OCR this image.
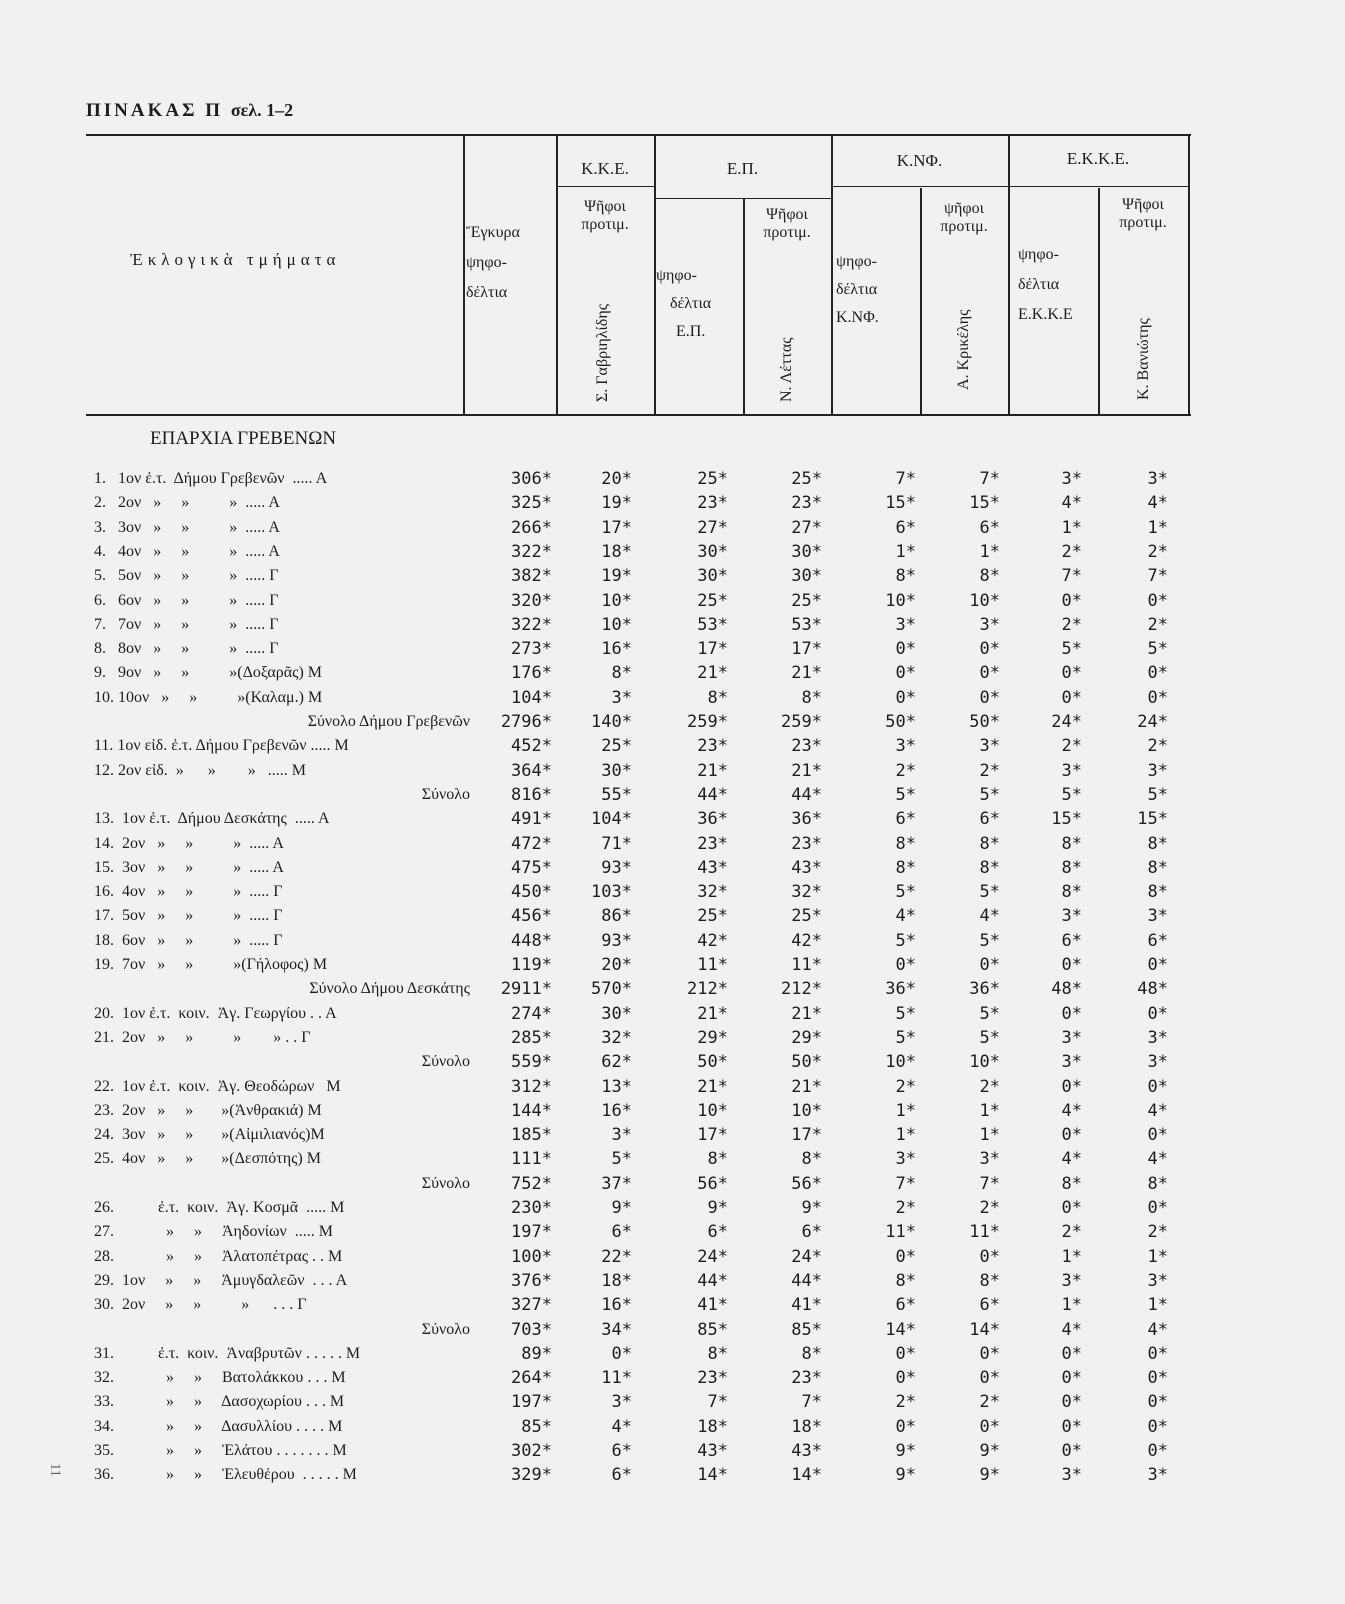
ΠΙΝΑΚΑΣ Π σελ. 1–2
Ἐκλογικὰ τμήματα
Ἔγκυρα
ψηφο-
δέλτια
Κ.Κ.Ε.
Ψῆφοι
προτιμ.
Σ. Γαβριηλίδης
Ε.Π.
ψηφο-
δέλτια
Ε.Π.
Ψῆφοι
προτιμ.
Ν. Λέττας
Κ.ΝΦ.
ψηφο-
δέλτια
Κ.ΝΦ.
ψῆφοι
προτιμ.
Α. Κρικέλης
Ε.Κ.Κ.Ε.
ψηφο-
δέλτια
Ε.Κ.Κ.Ε
Ψῆφοι
προτιμ.
Κ. Βανιώτης
ΕΠΑΡΧΙΑ ΓΡΕΒΕΝΩΝ
1.   1ον ἐ.τ.  Δήμου Γρεβενῶν  ..... Α	306*	20*	25*	25*	7*	7*	3*	3*
2.   2ον   »     »          »  ..... Α	325*	19*	23*	23*	15*	15*	4*	4*
3.   3ον   »     »          »  ..... Α	266*	17*	27*	27*	6*	6*	1*	1*
4.   4ον   »     »          »  ..... Α	322*	18*	30*	30*	1*	1*	2*	2*
5.   5ον   »     »          »  ..... Γ	382*	19*	30*	30*	8*	8*	7*	7*
6.   6ον   »     »          »  ..... Γ	320*	10*	25*	25*	10*	10*	0*	0*
7.   7ον   »     »          »  ..... Γ	322*	10*	53*	53*	3*	3*	2*	2*
8.   8ον   »     »          »  ..... Γ	273*	16*	17*	17*	0*	0*	5*	5*
9.   9ον   »     »          »(Δοξαρᾶς) Μ	176*	8*	21*	21*	0*	0*	0*	0*
10. 10ον   »     »          »(Καλαμ.) Μ	104*	3*	8*	8*	0*	0*	0*	0*
Σύνολο Δήμου Γρεβενῶν	2796*	140*	259*	259*	50*	50*	24*	24*
11. 1ον εἰδ. ἐ.τ. Δήμου Γρεβενῶν ..... Μ	452*	25*	23*	23*	3*	3*	2*	2*
12. 2ον εἰδ.  »      »        »   ..... Μ	364*	30*	21*	21*	2*	2*	3*	3*
Σύνολο	816*	55*	44*	44*	5*	5*	5*	5*
13.  1ον ἐ.τ.  Δήμου Δεσκάτης  ..... Α	491*	104*	36*	36*	6*	6*	15*	15*
14.  2ον   »     »          »  ..... Α	472*	71*	23*	23*	8*	8*	8*	8*
15.  3ον   »     »          »  ..... Α	475*	93*	43*	43*	8*	8*	8*	8*
16.  4ον   »     »          »  ..... Γ	450*	103*	32*	32*	5*	5*	8*	8*
17.  5ον   »     »          »  ..... Γ	456*	86*	25*	25*	4*	4*	3*	3*
18.  6ον   »     »          »  ..... Γ	448*	93*	42*	42*	5*	5*	6*	6*
19.  7ον   »     »          »(Γήλοφος) Μ	119*	20*	11*	11*	0*	0*	0*	0*
Σύνολο Δήμου Δεσκάτης	2911*	570*	212*	212*	36*	36*	48*	48*
20.  1ον ἐ.τ.  κοιν.  Ἀγ. Γεωργίου . . Α	274*	30*	21*	21*	5*	5*	0*	0*
21.  2ον   »     »          »        » . . Γ	285*	32*	29*	29*	5*	5*	3*	3*
Σύνολο	559*	62*	50*	50*	10*	10*	3*	3*
22.  1ον ἐ.τ.  κοιν.  Ἀγ. Θεοδώρων   Μ	312*	13*	21*	21*	2*	2*	0*	0*
23.  2ον   »     »       »(Ἀνθρακιά) Μ	144*	16*	10*	10*	1*	1*	4*	4*
24.  3ον   »     »       »(Αἰμιλιανός)Μ	185*	3*	17*	17*	1*	1*	0*	0*
25.  4ον   »     »       »(Δεσπότης) Μ	111*	5*	8*	8*	3*	3*	4*	4*
Σύνολο	752*	37*	56*	56*	7*	7*	8*	8*
26.           ἐ.τ.  κοιν.  Ἀγ. Κοσμᾶ  ..... Μ	230*	9*	9*	9*	2*	2*	0*	0*
27.             »     »     Ἀηδονίων  ..... Μ	197*	6*	6*	6*	11*	11*	2*	2*
28.             »     »     Ἀλατοπέτρας . . Μ	100*	22*	24*	24*	0*	0*	1*	1*
29.  1ον     »     »     Ἀμυγδαλεῶν  . . . Α	376*	18*	44*	44*	8*	8*	3*	3*
30.  2ον     »     »          »      . . . Γ	327*	16*	41*	41*	6*	6*	1*	1*
Σύνολο	703*	34*	85*	85*	14*	14*	4*	4*
31.           ἐ.τ.  κοιν.  Ἀναβρυτῶν . . . . . Μ	89*	0*	8*	8*	0*	0*	0*	0*
32.             »     »     Βατολάκκου . . . Μ	264*	11*	23*	23*	0*	0*	0*	0*
33.             »     »     Δασοχωρίου . . . Μ	197*	3*	7*	7*	2*	2*	0*	0*
34.             »     »     Δασυλλίου . . . . Μ	85*	4*	18*	18*	0*	0*	0*	0*
35.             »     »     Ἐλάτου . . . . . . . Μ	302*	6*	43*	43*	9*	9*	0*	0*
36.             »     »     Ἐλευθέρου  . . . . . Μ	329*	6*	14*	14*	9*	9*	3*	3*
11
